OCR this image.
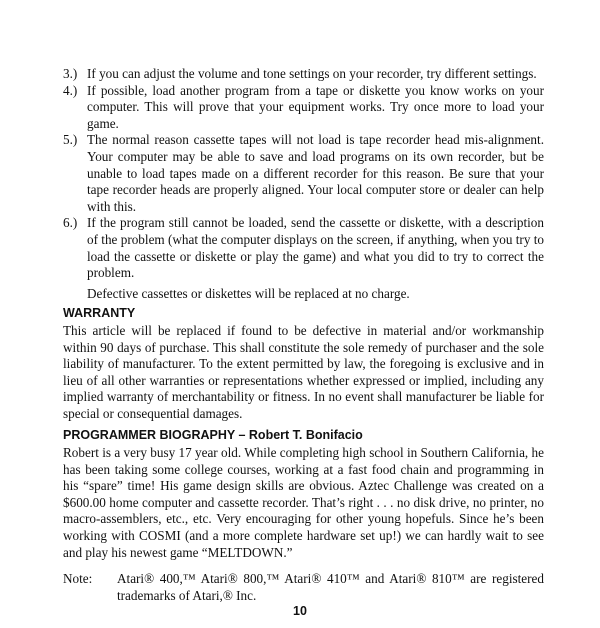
3.) If you can adjust the volume and tone settings on your recorder, try different settings.
4.) If possible, load another program from a tape or diskette you know works on your computer. This will prove that your equipment works. Try once more to load your game.
5.) The normal reason cassette tapes will not load is tape recorder head mis-alignment. Your computer may be able to save and load programs on its own recorder, but be unable to load tapes made on a different recorder for this reason. Be sure that your tape recorder heads are properly aligned. Your local computer store or dealer can help with this.
6.) If the program still cannot be loaded, send the cassette or diskette, with a description of the problem (what the computer displays on the screen, if anything, when you try to load the cassette or diskette or play the game) and what you did to try to correct the problem.
Defective cassettes or diskettes will be replaced at no charge.
WARRANTY
This article will be replaced if found to be defective in material and/or workmanship within 90 days of purchase. This shall constitute the sole remedy of purchaser and the sole liability of manufacturer. To the extent permitted by law, the foregoing is exclusive and in lieu of all other warranties or representations whether expressed or implied, including any implied warranty of merchantability or fitness. In no event shall manufacturer be liable for special or consequential damages.
PROGRAMMER BIOGRAPHY – Robert T. Bonifacio
Robert is a very busy 17 year old. While completing high school in Southern California, he has been taking some college courses, working at a fast food chain and programming in his “spare” time! His game design skills are obvious. Aztec Challenge was created on a $600.00 home computer and cassette recorder. That’s right . . . no disk drive, no printer, no macro-assemblers, etc., etc. Very encouraging for other young hopefuls. Since he’s been working with COSMI (and a more complete hardware set up!) we can hardly wait to see and play his newest game “MELTDOWN.”
Note:	Atari® 400,™ Atari® 800,™ Atari® 410™ and Atari® 810™ are registered trademarks of Atari,® Inc.
10
